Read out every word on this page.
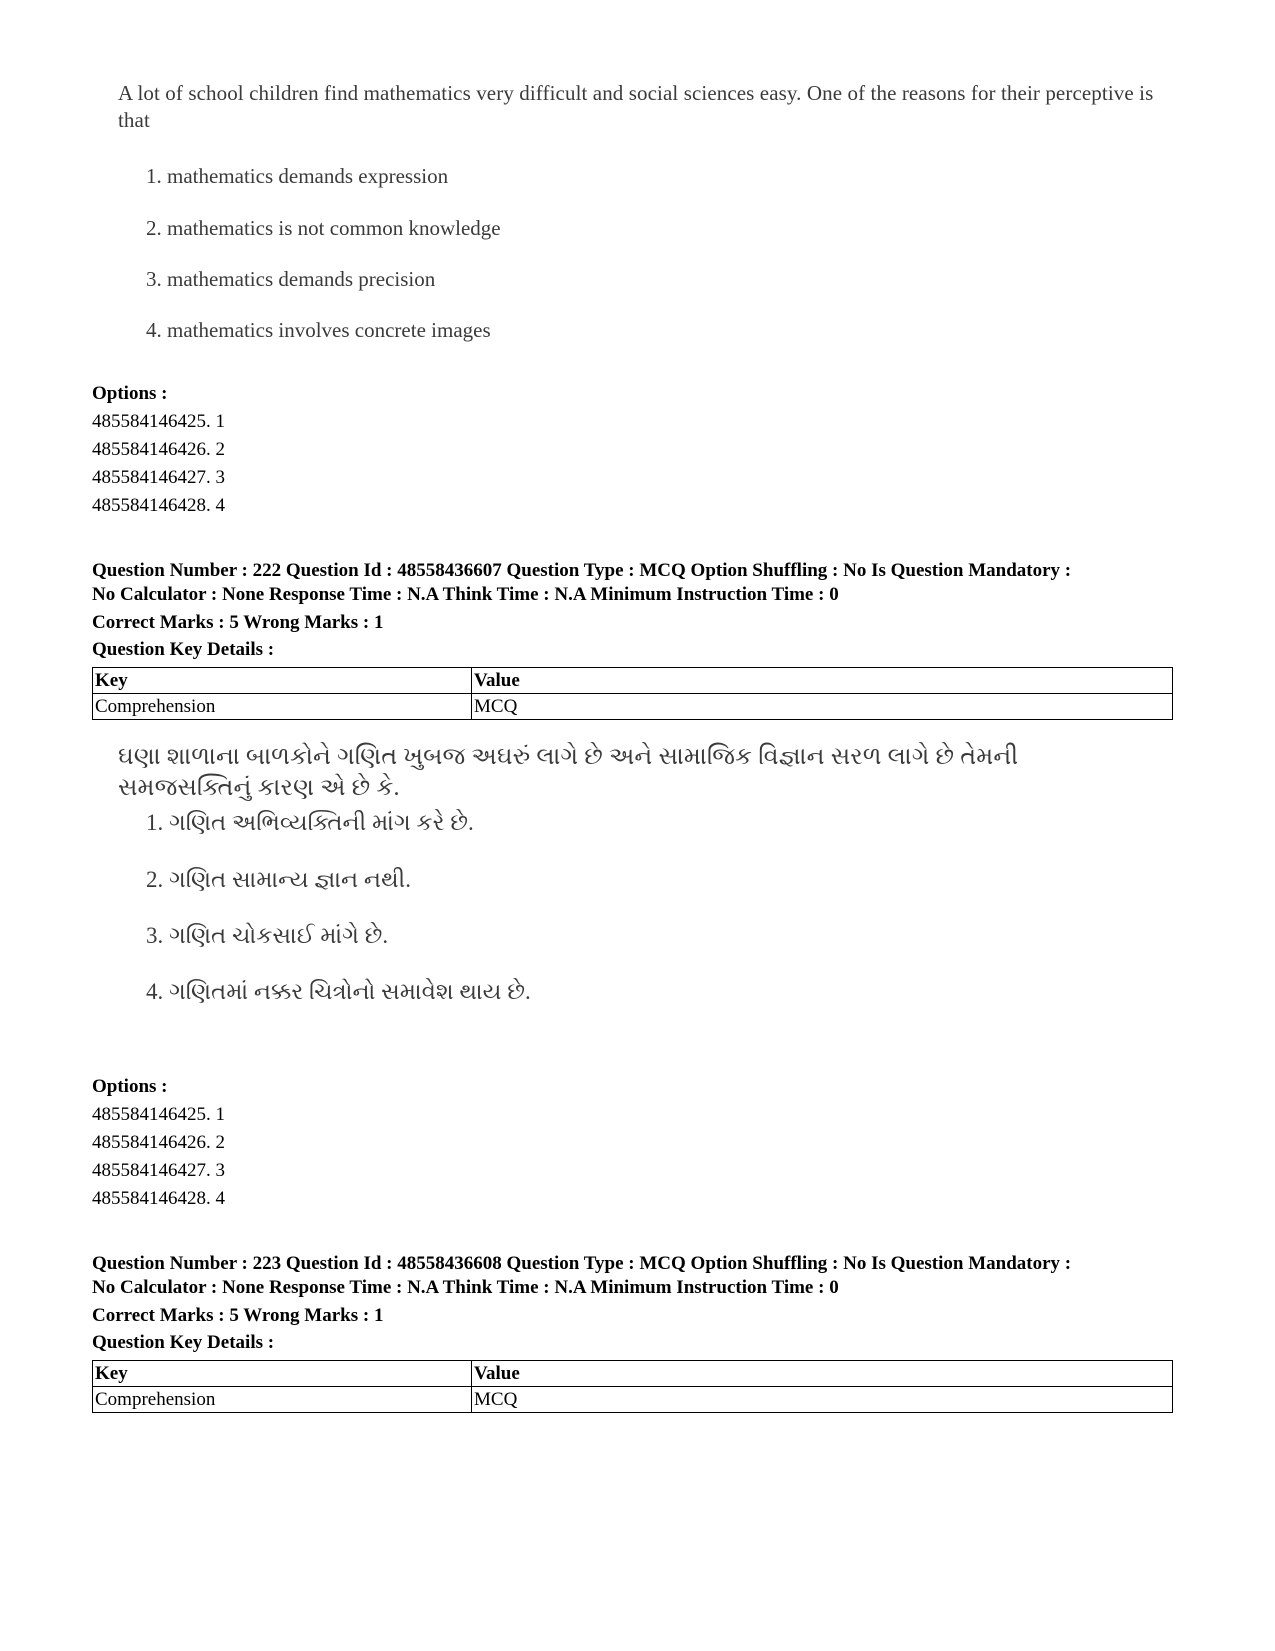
A lot of school children find mathematics very difficult and social sciences easy. One of the reasons for their perceptive is that
1. mathematics demands expression
2. mathematics is not common knowledge
3. mathematics demands precision
4. mathematics involves concrete images
Options :
485584146425. 1
485584146426. 2
485584146427. 3
485584146428. 4
Question Number : 222 Question Id : 48558436607 Question Type : MCQ Option Shuffling : No Is Question Mandatory :
No Calculator : None Response Time : N.A Think Time : N.A Minimum Instruction Time : 0
Correct Marks : 5 Wrong Marks : 1
Question Key Details :
Key	Value
Comprehension	MCQ
ઘણા શાળાના બાળકોને ગણિત ખુબજ અઘરું લાગે છે અને સામાજિક વિજ્ઞાન સરળ લાગે છે તેમની સમજસક્તિનું કારણ એ છે કે.
1. ગણિત અભિવ્યક્તિની માંગ કરે છે.
2. ગણિત સામાન્ય જ્ઞાન નથી.
3. ગણિત ચોકસાઈ માંગે છે.
4. ગણિતમાં નક્કર ચિત્રોનો સમાવેશ થાય છે.
Options :
485584146425. 1
485584146426. 2
485584146427. 3
485584146428. 4
Question Number : 223 Question Id : 48558436608 Question Type : MCQ Option Shuffling : No Is Question Mandatory :
No Calculator : None Response Time : N.A Think Time : N.A Minimum Instruction Time : 0
Correct Marks : 5 Wrong Marks : 1
Question Key Details :
Key	Value
Comprehension	MCQ
